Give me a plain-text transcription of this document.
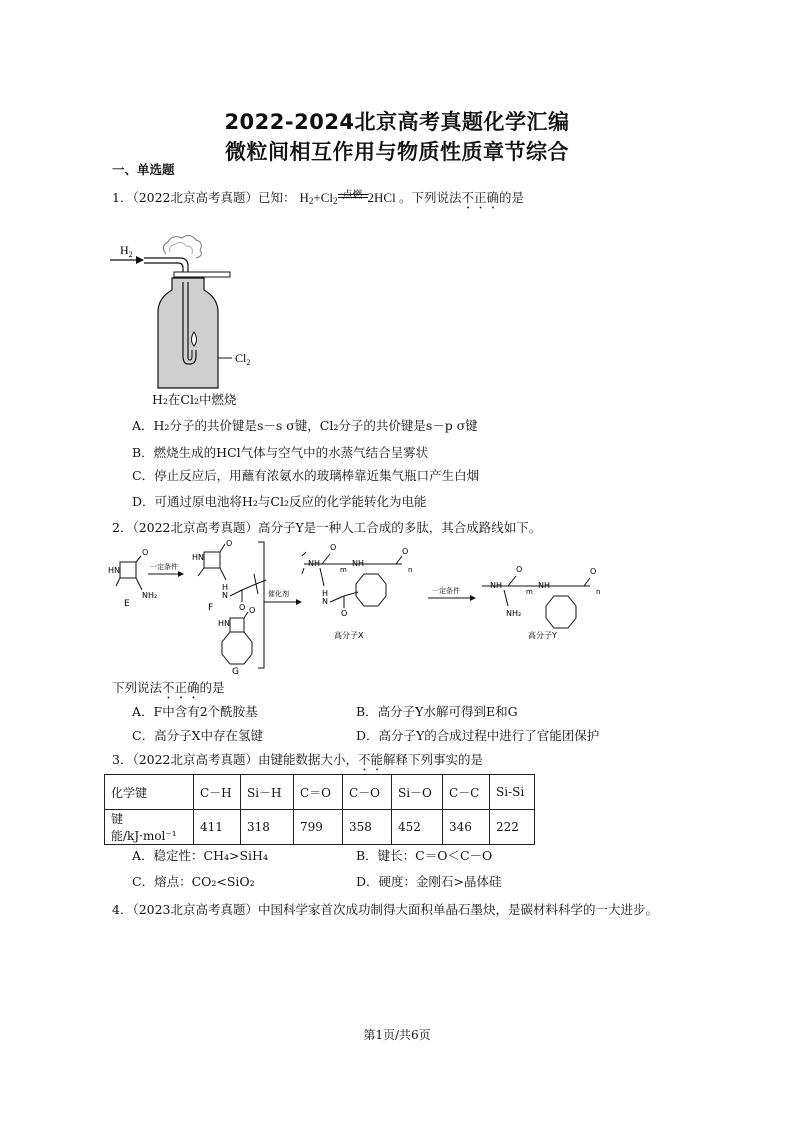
2022-2024北京高考真题化学汇编
微粒间相互作用与物质性质章节综合
一、单选题
1．（2022北京高考真题）已知： $H_2+Cl_2$ 点燃 2HCl 。下列说法不正确的是
$H_2$
$Cl_2$
H₂在Cl₂中燃烧
A．H₂分子的共价键是s－s σ键，Cl₂分子的共价键是s－p σ键
B．燃烧生成的HCl气体与空气中的水蒸气结合呈雾状
C．停止反应后，用蘸有浓氨水的玻璃棒靠近集气瓶口产生白烟
D．可通过原电池将H₂与Cl₂反应的化学能转化为电能
2．（2022北京高考真题）高分子Y是一种人工合成的多肽，其合成路线如下。
O
HN
NH₂
E
一定条件
O
HN
H
N
O
F	O
HN
G
催化剂
NH
O
m
NH
O
n
H
N
O
高分子X
一定条件
NH
O
m
NH
O
n
NH₂
高分子Y
下列说法不正确的是
A．F中含有2个酰胺基	B．高分子Y水解可得到E和G
C．高分子X中存在氢键	D．高分子Y的合成过程中进行了官能团保护
3．（2022北京高考真题）由键能数据大小，不能解释下列事实的是
化学键	C－H	Si－H	C＝O	C－O	Si－O	C－C	Si-Si
键能/kJ·mol⁻¹	411	318	799	358	452	346	222
A．稳定性：CH₄>SiH₄	B．键长：C＝O＜C－O
C．熔点：CO₂<SiO₂	D．硬度：金刚石>晶体硅
4．（2023北京高考真题）中国科学家首次成功制得大面积单晶石墨炔，是碳材料科学的一大进步。
第1页/共6页
